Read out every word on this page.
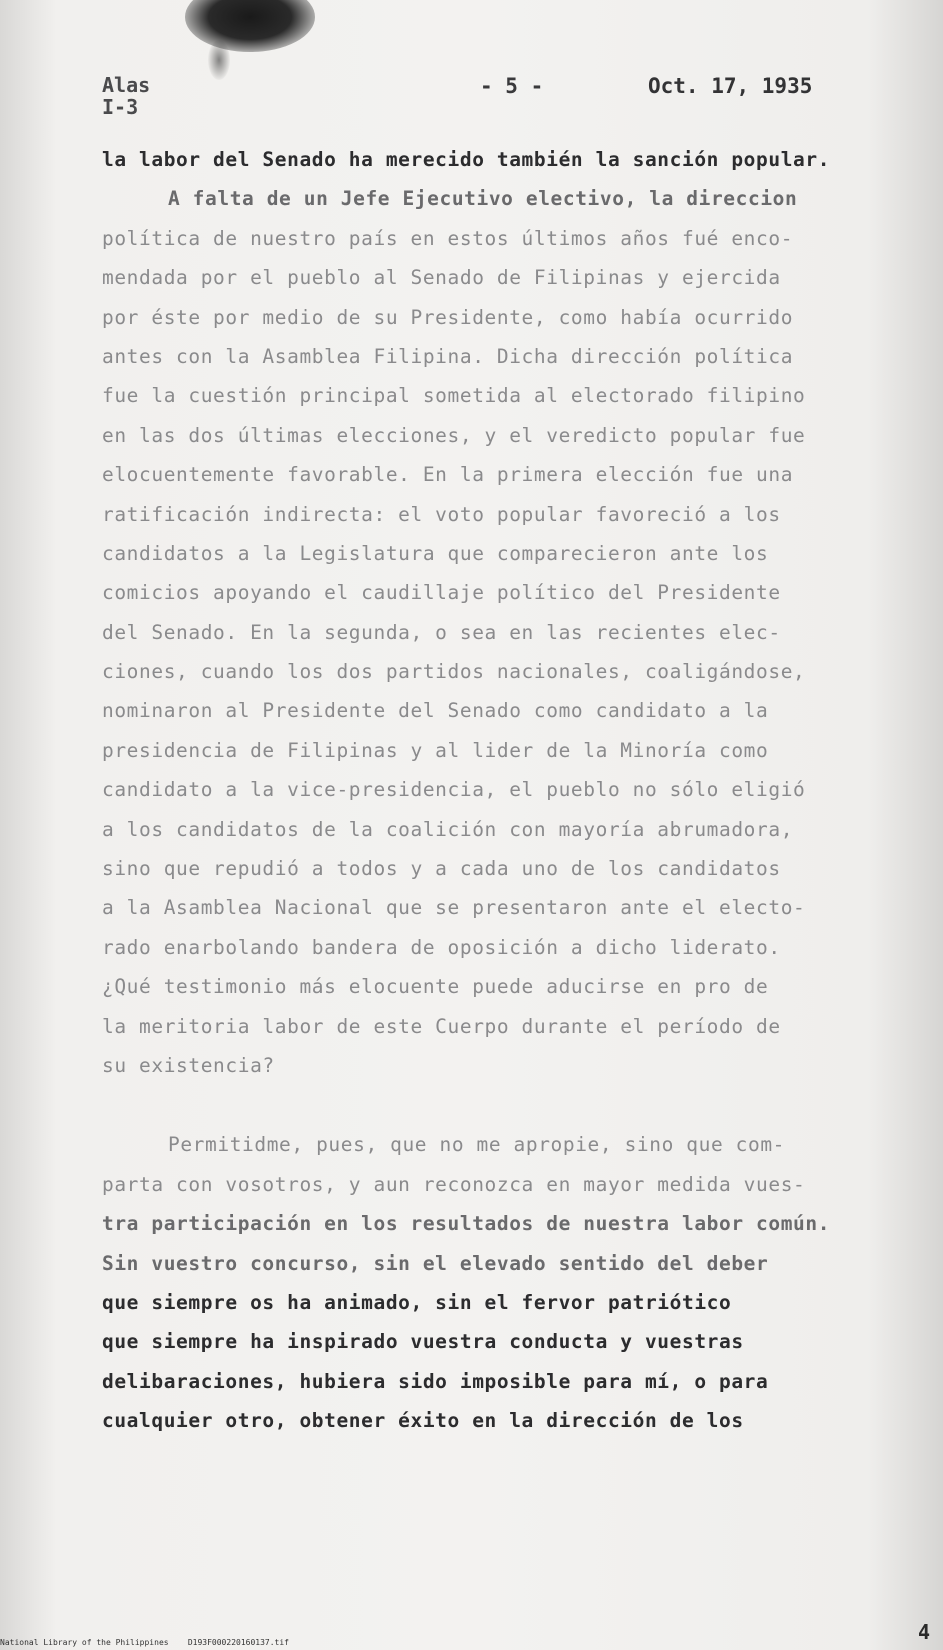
Alas
I-3
- 5 -	Oct. 17, 1935
la labor del Senado ha merecido también la sanción popular.
A falta de un Jefe Ejecutivo electivo, la direccion
política de nuestro país en estos últimos años fué enco-
mendada por el pueblo al Senado de Filipinas y ejercida
por éste por medio de su Presidente, como había ocurrido
antes con la Asamblea Filipina. Dicha dirección política
fue la cuestión principal sometida al electorado filipino
en las dos últimas elecciones, y el veredicto popular fue
elocuentemente favorable. En la primera elección fue una
ratificación indirecta: el voto popular favoreció a los
candidatos a la Legislatura que comparecieron ante los
comicios apoyando el caudillaje político del Presidente
del Senado. En la segunda, o sea en las recientes elec-
ciones, cuando los dos partidos nacionales, coaligándose,
nominaron al Presidente del Senado como candidato a la
presidencia de Filipinas y al lider de la Minoría como
candidato a la vice-presidencia, el pueblo no sólo eligió
a los candidatos de la coalición con mayoría abrumadora,
sino que repudió a todos y a cada uno de los candidatos
a la Asamblea Nacional que se presentaron ante el electo-
rado enarbolando bandera de oposición a dicho liderato.
¿Qué testimonio más elocuente puede aducirse en pro de
la meritoria labor de este Cuerpo durante el período de
su existencia?
Permitidme, pues, que no me apropie, sino que com-
parta con vosotros, y aun reconozca en mayor medida vues-
tra participación en los resultados de nuestra labor común.
Sin vuestro concurso, sin el elevado sentido del deber
que siempre os ha animado, sin el fervor patriótico
que siempre ha inspirado vuestra conducta y vuestras
delibaraciones, hubiera sido imposible para mí, o para
cualquier otro, obtener éxito en la dirección de los
4
National Library of the Philippines    D193F000220160137.tif
